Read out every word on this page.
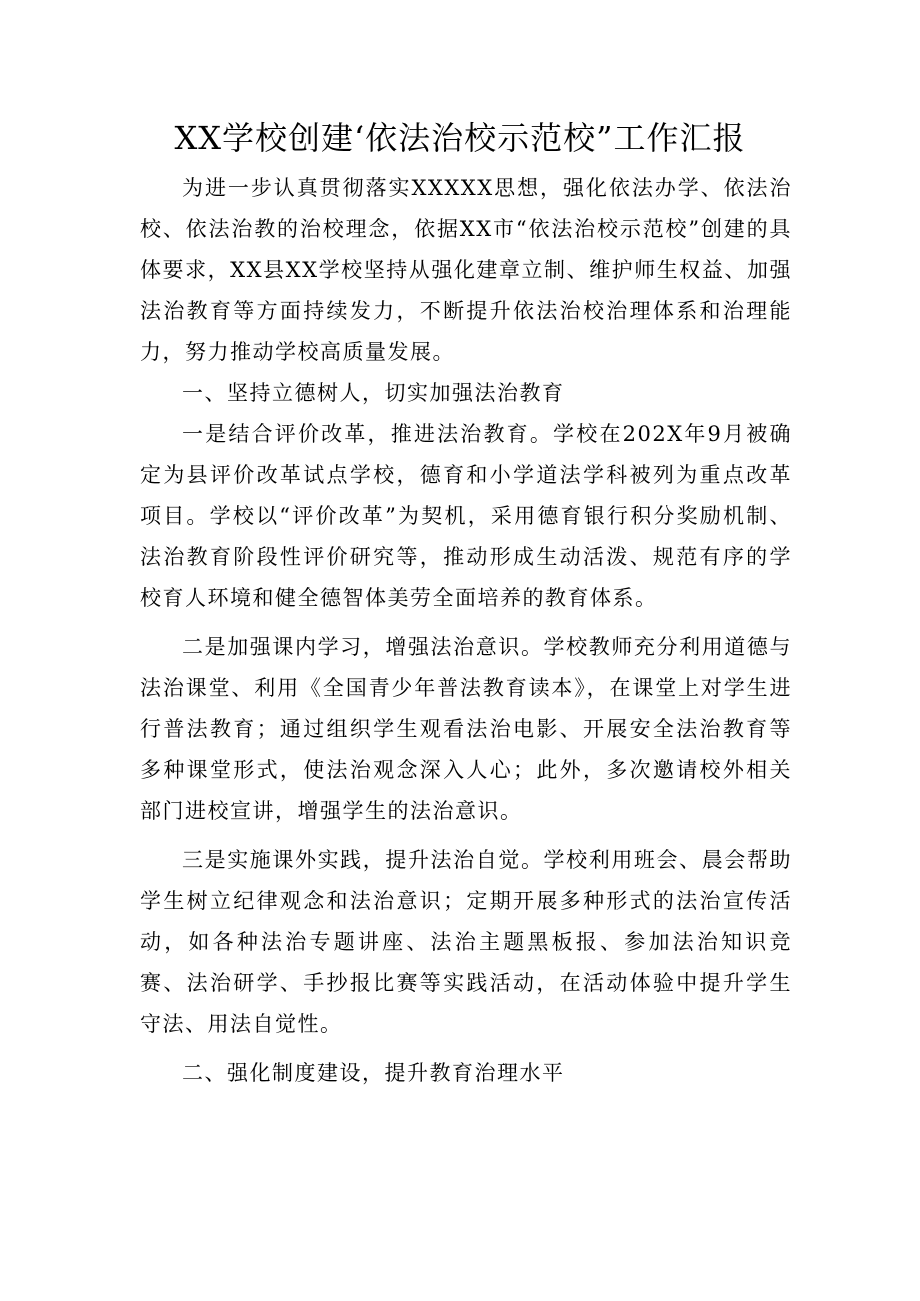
XX学校创建‘依法治校示范校”工作汇报

为进一步认真贯彻落实XXXXX思想，强化依法办学、依法治校、依法治教的治校理念，依据XX市“依法治校示范校”创建的具体要求，XX县XX学校坚持从强化建章立制、维护师生权益、加强法治教育等方面持续发力，不断提升依法治校治理体系和治理能力，努力推动学校高质量发展。

一、坚持立德树人，切实加强法治教育

一是结合评价改革，推进法治教育。学校在202X年9月被确定为县评价改革试点学校，德育和小学道法学科被列为重点改革项目。学校以“评价改革”为契机，采用德育银行积分奖励机制、法治教育阶段性评价研究等，推动形成生动活泼、规范有序的学校育人环境和健全德智体美劳全面培养的教育体系。

二是加强课内学习，增强法治意识。学校教师充分利用道德与法治课堂、利用《全国青少年普法教育读本》，在课堂上对学生进行普法教育；通过组织学生观看法治电影、开展安全法治教育等多种课堂形式，使法治观念深入人心；此外，多次邀请校外相关部门进校宣讲，增强学生的法治意识。

三是实施课外实践，提升法治自觉。学校利用班会、晨会帮助学生树立纪律观念和法治意识；定期开展多种形式的法治宣传活动，如各种法治专题讲座、法治主题黑板报、参加法治知识竞赛、法治研学、手抄报比赛等实践活动，在活动体验中提升学生守法、用法自觉性。

二、强化制度建设，提升教育治理水平
